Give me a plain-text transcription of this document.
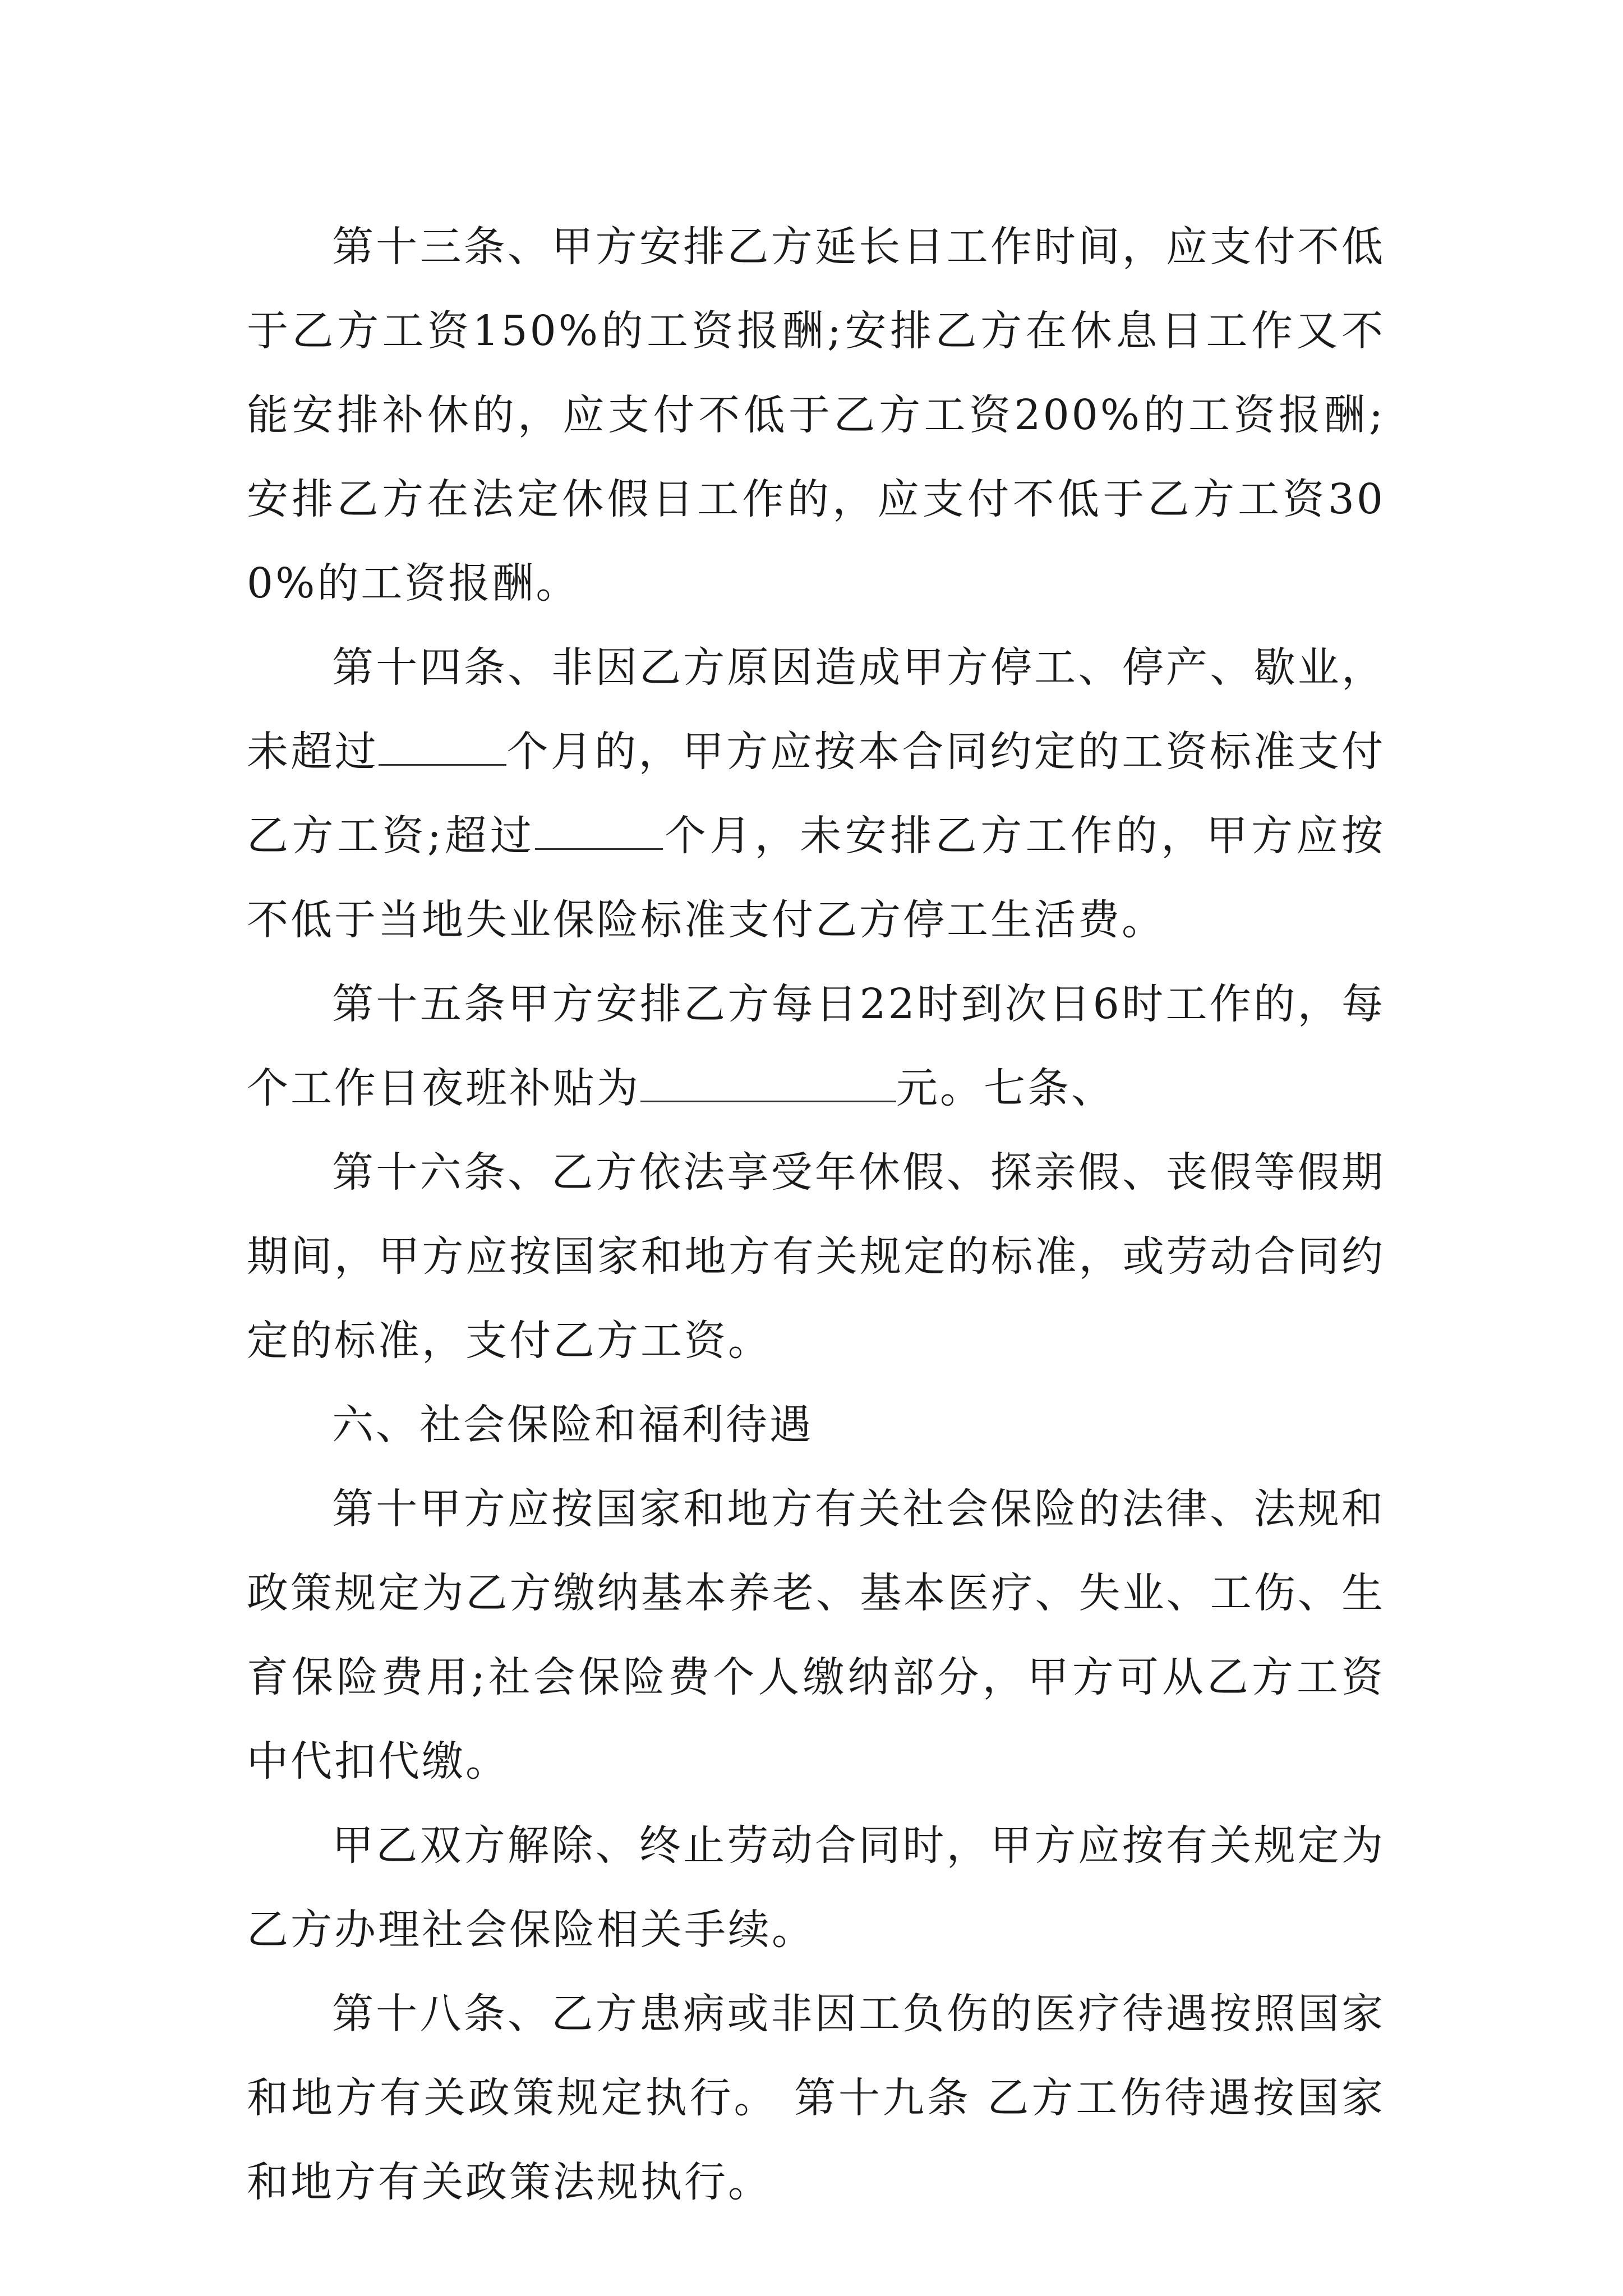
第十三条、甲方安排乙方延长日工作时间，应支付不低于乙方工资150%的工资报酬;安排乙方在休息日工作又不能安排补休的，应支付不低于乙方工资200%的工资报酬;安排乙方在法定休假日工作的，应支付不低于乙方工资300%的工资报酬。

第十四条、非因乙方原因造成甲方停工、停产、歇业，未超过	个月的，甲方应按本合同约定的工资标准支付乙方工资;超过	个月，未安排乙方工作的，甲方应按不低于当地失业保险标准支付乙方停工生活费。

第十五条甲方安排乙方每日22时到次日6时工作的，每个工作日夜班补贴为	元。七条、

第十六条、乙方依法享受年休假、探亲假、丧假等假期期间，甲方应按国家和地方有关规定的标准，或劳动合同约定的标准，支付乙方工资。

六、社会保险和福利待遇

第十甲方应按国家和地方有关社会保险的法律、法规和政策规定为乙方缴纳基本养老、基本医疗、失业、工伤、生育保险费用;社会保险费个人缴纳部分，甲方可从乙方工资中代扣代缴。

甲乙双方解除、终止劳动合同时，甲方应按有关规定为乙方办理社会保险相关手续。

第十八条、乙方患病或非因工负伤的医疗待遇按照国家和地方有关政策规定执行。 第十九条 乙方工伤待遇按国家和地方有关政策法规执行。
